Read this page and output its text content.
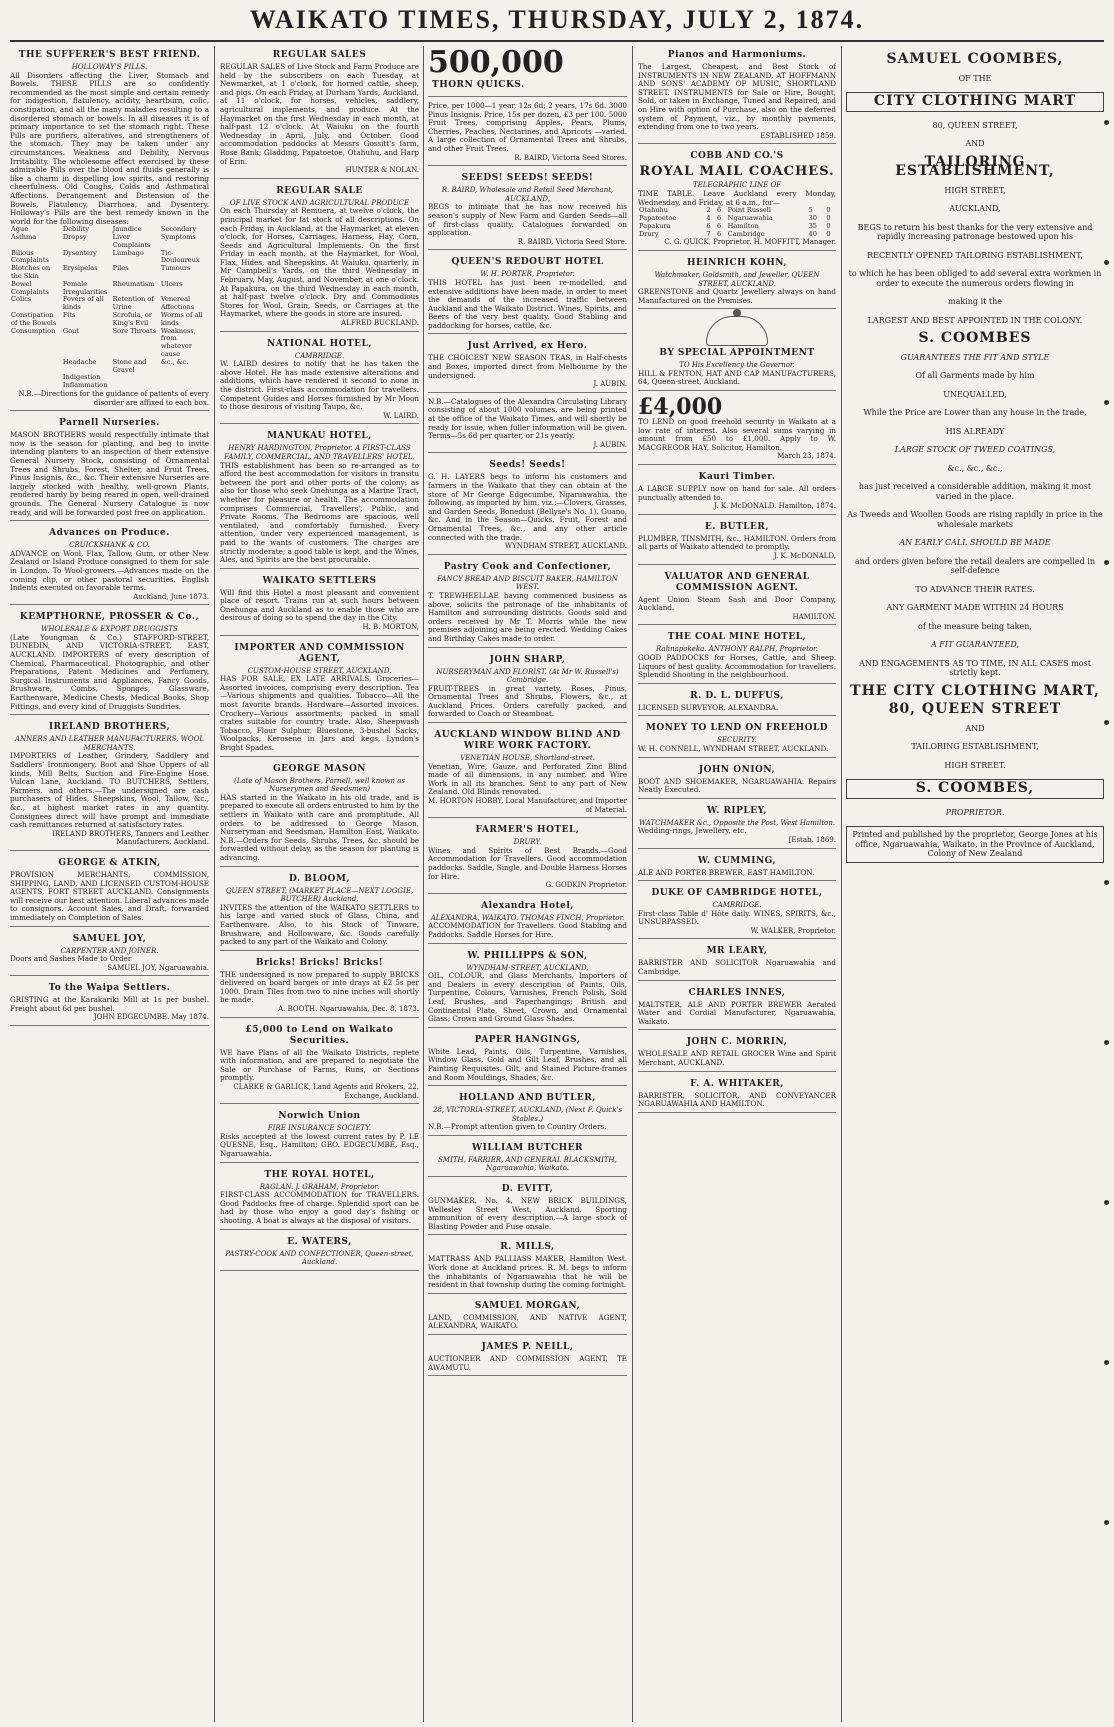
WAIKATO TIMES, THURSDAY, JULY 2, 1874.
THE SUFFERER'S BEST FRIEND.
HOLLOWAY'S PILLS.
All Disorders affecting the Liver, Stomach and Bowels. THESE PILLS are so confidently recommended as the most simple and certain remedy for indigestion, flatulency, acidity, heartburn, colic, constipation, and all the many maladies resulting to a disordered stomach or bowels. In all diseases it is of primary importance to set the stomach right. These Pills are purifiers, alteratives, and strengtheners of the stomach. They may be taken under any circumstances. Weakness and Debility, Nervous Irritability. The wholesome effect exercised by these admirable Pills over the blood and fluids generally is like a charm in dispelling low spirits, and restoring cheerfulness. Old Coughs, Colds and Asthmatical Affections. Derangement and Distension of the Bowels, Flatulency, Diarrhoea, and Dysentery. Holloway's Pills are the best remedy known in the world for the following diseases:
Ague	Debility	Jaundice	Secondary
Asthma	Dropsy	Liver Complaints	Symptoms
Bilious Complaints	Dysentery	Lumbago	Tic-Douloureux
Blotches on the Skin	Erysipelas	Piles	Tumours
Bowel Complaints	Female Irregularities	Rheumatism	Ulcers
Colics	Fevers of all kinds	Retention of Urine	Venereal Affections
Constipation of the Bowels	Fits	Scrofula, or King's Evil	Worms of all kinds
Consumption	Gout	Sore Throats	Weakness, from whatever cause
	Headache	Stone and Gravel	&c., &c.
	Indigestion		
	Inflammation		
N.B.—Directions for the guidance of patients of every disorder are affixed to each box.
Parnell Nurseries.
MASON BROTHERS would respectfully intimate that now is the season for planting, and beg to invite intending planters to an inspection of their extensive General Nursery Stock, consisting of Ornamental Trees and Shrubs, Forest, Shelter, and Fruit Trees, Pinus Insignis, &c., &c. Their extensive Nurseries are largely stocked with healthy, well-grown Plants, rendered hardy by being reared in open, well-drained grounds. The General Nursery Catalogue is now ready, and will be forwarded post free on application.
Advances on Produce.
CRUICKSHANK & CO.
ADVANCE on Wool, Flax, Tallow, Gum, or other New Zealand or Island Produce consigned to them for sale in London. To Wool-growers.—Advances made on the coming clip, or other pastoral securities. English Indents executed on favorable terms.
Auckland, June 1873.
KEMPTHORNE, PROSSER & Co.,
WHOLESALE & EXPORT DRUGGISTS
(Late Youngman & Co.) STAFFORD-STREET, DUNEDIN, AND VICTORIA-STREET, EAST, AUCKLAND. IMPORTERS of every description of Chemical, Pharmaceutical, Photographic, and other Preparations, Patent Medicines and Perfumery, Surgical Instruments and Appliances, Fancy Goods, Brushware, Combs, Sponges, Glassware, Earthenware, Medicine Chests, Medical Books, Shop Fittings, and every kind of Druggists Sundries.
IRELAND BROTHERS,
ANNERS AND LEATHER MANUFACTURERS, WOOL MERCHANTS.
IMPORTERS of Leather, Grindery, Saddlery and Saddlers' Ironmongery, Boot and Shoe Uppers of all kinds, Mill Belts, Suction and Fire-Engine Hose. Vulcan Lane, Auckland. TO BUTCHERS, Settlers, Farmers, and others.—The undersigned are cash purchasers of Hides, Sheepskins, Wool, Tallow, &c., &c., at highest market rates in any quantity. Consignees direct will have prompt and immediate cash remittances returned at satisfactory rates.
IRELAND BROTHERS, Tanners and Leather Manufacturers, Auckland.
GEORGE & ATKIN,
PROVISION MERCHANTS, COMMISSION, SHIPPING, LAND, AND LICENSED CUSTOM-HOUSE AGENTS, FORT STREET AUCKLAND. Consignments will receive our best attention. Liberal advances made to consignors. Account Sales, and Draft, forwarded immediately on Completion of Sales.
SAMUEL JOY,
CARPENTER AND JOINER.
Doors and Sashes Made to Order
SAMUEL JOY, Ngaruawahia.
To the Waipa Settlers.
GRISTING at the Karakariki Mill at 1s per bushel. Freight about 6d per bushel.
JOHN EDGECUMBE. May 1874.
REGULAR SALES
REGULAR SALES of Live Stock and Farm Produce are held by the subscribers on each Tuesday, at Newmarket, at 1 o'clock, for horned cattle, sheep, and pigs. On each Friday, at Durham Yards, Auckland, at 11 o'clock, for horses, vehicles, saddlery, agricultural implements, and produce. At the Haymarket on the first Wednesday in each month, at half-past 12 o'clock. At Waiuku on the fourth Wednesday in April, July, and October. Good accommodation paddocks at Messrs Gossitt's farm, Rose Bank; Gladding, Papatoetoe, Otahuhu, and Harp of Erin.
HUNTER & NOLAN.
REGULAR SALE
OF LIVE STOCK AND AGRICULTURAL PRODUCE
On each Thursday at Remuera, at twelve o'clock, the principal market for fat stock of all descriptions. On each Friday, in Auckland, at the Haymarket, at eleven o'clock, for Horses, Carriages, Harness, Hay, Corn, Seeds and Agricultural Implements. On the first Friday in each month, at the Haymarket, for Wool, Flax, Hides, and Sheepskins. At Waiuku, quarterly, in Mr Campbell's Yards, on the third Wednesday in February, May, August, and November, at one o'clock. At Papakura, on the third Wednesday in each month, at half-past twelve o'clock. Dry and Commodious Stores for Wool, Grain, Seeds, or Carriages at the Haymarket, where the goods in store are insured.
ALFRED BUCKLAND.
NATIONAL HOTEL,
CAMBRIDGE.
W. LAIRD desires to notify that he has taken the above Hotel. He has made extensive alterations and additions, which have rendered it second to none in the district. First-class accommodation for travellers. Competent Guides and Horses furnished by Mr Moon to those desirous of visiting Taupo, &c.
W. LAIRD.
MANUKAU HOTEL,
HENRY HARDINGTON, Proprietor. A FIRST-CLASS FAMILY, COMMERCIAL, AND TRAVELLERS' HOTEL.
THIS establishment has been so re-arranged as to afford the best accommodation for visitors in transitu between the port and other ports of the colony; as also for those who seek Onehunga as a Marine Tract, whether for pleasure or health. The accommodation comprises Commercial, Travellers', Public, and Private Rooms. The Bedrooms are spacious, well ventilated, and comfortably furnished. Every attention, under very experienced management, is paid to the wants of customers. The charges are strictly moderate; a good table is kept, and the Wines, Ales, and Spirits are the best procurable.
WAIKATO SETTLERS
Will find this Hotel a most pleasant and convenient place of resort. Trains run at such hours between Onehunga and Auckland as to enable those who are desirous of doing so to spend the day in the City.
H. B. MORTON,
IMPORTER AND COMMISSION AGENT,
CUSTOM-HOUSE STREET, AUCKLAND.
HAS FOR SALE, EX LATE ARRIVALS, Groceries—Assorted invoices, comprising every description. Tea—Various shipments and qualities. Tobacco—All the most favorite brands. Hardware—Assorted invoices. Crockery—Various assortments; packed in small crates suitable for country trade. Also, Sheepwash Tobacco, Flour Sulphur, Bluestone, 3-bushel Sacks, Woolpacks, Kerosene in Jars and kegs, Lyndon's Bright Spades.
GEORGE MASON
(Late of Mason Brothers, Parnell, well known as Nurserymen and Seedsmen)
HAS started in the Waikato in his old trade, and is prepared to execute all orders entrusted to him by the settlers in Waikato with care and promptitude. All orders to be addressed to George Mason, Nurseryman and Seedsman, Hamilton East, Waikato. N.B.—Orders for Seeds, Shrubs, Trees, &c. should be forwarded without delay, as the season for planting is advancing.
D. BLOOM,
QUEEN STREET, (MARKET PLACE—NEXT LOGGIE, BUTCHER) Auckland,
INVITES the attention of the WAIKATO SETTLERS to his large and varied stock of Glass, China, and Earthenware. Also, to his Stock of Tinware, Brushware, and Hollowware, &c. Goods carefully packed to any part of the Waikato and Colony.
Bricks! Bricks! Bricks!
THE undersigned is now prepared to supply BRICKS delivered on board barges or into drays at £2 5s per 1000. Drain Tiles from two to nine inches will shortly be made.
A. BOOTH. Ngaruawahia, Dec. 8, 1873.
£5,000 to Lend on Waikato Securities.
WE have Plans of all the Waikato Districts, replete with information, and are prepared to negotiate the Sale or Purchase of Farms, Runs, or Sections promptly.
CLARKE & GARLICK, Land Agents and Brokers, 22, Exchange, Auckland.
Norwich Union
FIRE INSURANCE SOCIETY.
Risks accepted at the lowest current rates by P. LE QUESNE, Esq., Hamilton; GEO. EDGECUMBE, Esq., Ngaruawahia.
THE ROYAL HOTEL,
RAGLAN. J. GRAHAM, Proprietor.
FIRST-CLASS ACCOMMODATION for TRAVELLERS. Good Paddocks free of charge. Splendid sport can be had by those who enjoy a good day's fishing or shooting. A boat is always at the disposal of visitors.
E. WATERS,
PASTRY-COOK AND CONFECTIONER, Queen-street, Auckland.
500,000 THORN QUICKS.
Price, per 1000—1 year, 12s 6d; 2 years, 17s 6d. 3000 Pinus Insignis. Price, 15s per dozen, £3 per 100. 5000 Fruit Trees, comprising Apples, Pears, Plums, Cherries, Peaches, Nectarines, and Apricots —varied. A large collection of Ornamental Trees and Shrubs, and other Fruit Trees.
R. BAIRD, Victoria Seed Stores.
SEEDS! SEEDS! SEEDS!
R. BAIRD, Wholesale and Retail Seed Merchant, AUCKLAND,
BEGS to intimate that he has now received his season's supply of New Farm and Garden Seeds—all of first-class quality. Catalogues forwarded on application.
R. BAIRD, Victoria Seed Store.
QUEEN'S REDOUBT HOTEL
W. H. PORTER, Proprietor.
THIS HOTEL has just been re-modelled, and extensive additions have been made, in order to meet the demands of the increased traffic between Auckland and the Waikato District. Wines, Spirits, and Beers of the very best quality. Good Stabling and paddocking for horses, cattle, &c.
Just Arrived, ex Hero.
THE CHOICEST NEW SEASON TEAS, in Half-chests and Boxes, imported direct from Melbourne by the undersigned.
J. AUBIN.
N.B.—Catalogues of the Alexandra Circulating Library consisting of about 1000 volumes, are being printed at the office of the Waikato Times, and will shortly be ready for issue, when fuller information will be given. Terms—5s 6d per quarter, or 21s yearly.
J. AUBIN.
Seeds! Seeds!
G. H. LAYERS begs to inform his customers and farmers in the Waikato that they can obtain at the store of Mr George Edgecumbe, Ngaruawahia, the following, as imported by him, viz.:—Clovers, Grasses, and Garden Seeds, Bonedust (Bellyse's No. 1), Guano, &c. And in the Season—Quicks, Fruit, Forest and Ornamental Trees, &c., and any other article connected with the trade.
WYNDHAM STREET, AUCKLAND.
Pastry Cook and Confectioner,
FANCY BREAD AND BISCUIT BAKER, HAMILTON WEST.
T. TREWHEELLAE having commenced business as above, solicits the patronage of the inhabitants of Hamilton and surrounding districts. Goods sold and orders received by Mr T. Morris while the new premises adjoining are being erected. Wedding Cakes and Birthday Cakes made to order.
JOHN SHARP,
NURSERYMAN AND FLORIST, (At Mr W. Russell's) Cambridge.
FRUIT-TREES in great variety, Roses, Pinus, Ornamental Trees and Shrubs, Flowers, &c., at Auckland Prices. Orders carefully packed, and forwarded to Coach or Steamboat.
AUCKLAND WINDOW BLIND AND WIRE WORK FACTORY.
VENETIAN HOUSE, Shortland-street.
Venetian, Wire, Gauze, and Perforated Zinc Blind made of all dimensions, in any number, and Wire Work in all its branches. Sent to any part of New Zealand. Old Blinds renovated.
M. HORTON HOBBY, Local Manufacturer, and Importer of Material.
FARMER'S HOTEL,
DRURY.
Wines and Spirits of Best Brands.—Good Accommodation for Travellers. Good accommodation paddocks. Saddle, Single, and Double Harness Horses for Hire.
G. GODKIN Proprietor.
Alexandra Hotel,
ALEXANDRA, WAIKATO. THOMAS FINCH, Proprietor.
ACCOMMODATION for Travellers. Good Stabling and Paddocks. Saddle Horses for Hire.
W. PHILLIPPS & SON,
WYNDHAM-STREET, AUCKLAND,
OIL, COLOUR, and Glass Merchants, Importers of and Dealers in every description of Paints, Oils, Turpentine, Colours, Varnishes, French Polish, Sold Leaf, Brushes, and Paperhangings; British and Continental Plate, Sheet, Crown, and Ornamental Glass; Crown and Ground Glass Shades.
PAPER HANGINGS,
White Lead, Paints, Oils, Turpentine, Varnishes, Window Glass, Gold and Gilt Leaf, Brushes, and all Painting Requisites. Gilt, and Stained Picture-frames and Room Mouldings, Shades, &c.
HOLLAND AND BUTLER,
28, VICTORIA-STREET, AUCKLAND, (Next F. Quick's Stables.)
N.B.—Prompt attention given to Country Orders.
WILLIAM BUTCHER
SMITH, FARRIER, AND GENERAL BLACKSMITH, Ngaruawahia, Waikato.
D. EVITT,
GUNMAKER, No. 4, NEW BRICK BUILDINGS, Wellesley Street West, Auckland. Sporting ammunition of every description.—A large stock of Blasting Powder and Fuse onsale.
R. MILLS,
MATTRASS AND PALLIASS MAKER, Hamilton West. Work done at Auckland prices. R. M. begs to inform the inhabitants of Ngaruawahia that he will be resident in that township during the coming fortnight.
SAMUEL MORGAN,
LAND, COMMISSION, AND NATIVE AGENT, ALEXANDRA, WAIKATO.
JAMES P. NEILL,
AUCTIONEER AND COMMISSION AGENT, TE AWAMUTU.
Pianos and Harmoniums.
The Largest, Cheapest, and Best Stock of INSTRUMENTS IN NEW ZEALAND, AT HOFFMANN AND SONS' ACADEMY OF MUSIC, SHORTLAND STREET. INSTRUMENTS for Sale or Hire, Bought, Sold, or taken in Exchange, Tuned and Repaired, and on Hire with option of Purchase, also on the deferred system of Payment, viz., by monthly payments, extending from one to two years.
ESTABLISHED 1859.
COBB AND CO.'S
ROYAL MAIL COACHES.
TELEGRAPHIC LINE OF
TIME TABLE. Leave Auckland every Monday, Wednesday, and Friday, at 6 a.m., for—
Otahuhu	2	6	Point Russell	5	0
Papatoetoe	4	6	Ngaruawahia	30	0
Papakura	6	6	Hamilton	35	0
Drury	7	6	Cambridge	40	0
C. G. QUICK, Proprietor. H. MOFFITT, Manager.
HEINRICH KOHN,
Watchmaker, Goldsmith, and Jeweller, QUEEN STREET, AUCKLAND.
GREENSTONE and Quartz Jewellery always on hand Manufactured on the Premises.
BY SPECIAL APPOINTMENT
TO His Excellency the Governor.
HILL & FENTON, HAT AND CAP MANUFACTURERS, 64, Queen-street, Auckland.
£4,000
TO LEND on good freehold security in Waikato at a low rate of interest. Also several sums varying in amount from £50 to £1,000. Apply to W. MACGREGOR HAY, Solicitor, Hamilton.
March 23, 1874.
Kauri Timber.
A LARGE SUPPLY now on hand for sale. All orders punctually attended to.
J. K. McDONALD. Hamilton, 1874.
E. BUTLER,
PLUMBER, TINSMITH, &c., HAMILTON. Orders from all parts of Waikato attended to promptly.
J. K. McDONALD,
VALUATOR AND GENERAL COMMISSION AGENT.
Agent Union Steam Sash and Door Company, Auckland.
HAMILTON.
THE COAL MINE HOTEL,
Rahnapokeka. ANTHONY RALPH, Proprietor.
GOOD PADDOCKS for Horses, Cattle, and Sheep. Liquors of best quality. Accommodation for travellers. Splendid Shooting in the neighbourhood.
R. D. L. DUFFUS,
LICENSED SURVEYOR, ALEXANDRA.
MONEY TO LEND ON FREEHOLD
SECURITY.
W. H. CONNELL, WYNDHAM STREET, AUCKLAND.
JOHN ONION,
BOOT AND SHOEMAKER, NGARUAWAHIA. Repairs Neatly Executed.
W. RIPLEY,
WATCHMAKER &c., Opposite the Post, West Hamilton.
Wedding-rings, Jewellery, etc.
[Estab. 1869.
W. CUMMING,
ALE AND PORTER BREWER, EAST HAMILTON.
DUKE OF CAMBRIDGE HOTEL,
CAMBRIDGE.
First-class Table d' Hôte daily. WINES, SPIRITS, &c., UNSURPASSED.
W. WALKER, Proprietor.
MR LEARY,
BARRISTER AND SOLICITOR Ngaruawahia and Cambridge.
CHARLES INNES,
MALTSTER, ALE AND PORTER BREWER Aerated Water and Cordial Manufacturer, Ngaruawahia, Waikato.
JOHN C. MORRIN,
WHOLESALE AND RETAIL GROCER Wine and Spirit Merchant, AUCKLAND.
F. A. WHITAKER,
BARRISTER, SOLICITOR, AND CONVEYANCER NGARUAWAHIA AND HAMILTON.
SAMUEL COOMBES,
OF THE
CITY CLOTHING MART
80, QUEEN STREET,
AND
TAILORING ESTABLISHMENT,
HIGH STREET,
AUCKLAND,
BEGS to return his best thanks for the very extensive and rapidly increasing patronage bestowed upon his
RECENTLY OPENED TAILORING ESTABLISHMENT,
to which he has been obliged to add several extra workmen in order to execute the numerous orders flowing in
making it the
LARGEST AND BEST APPOINTED IN THE COLONY.
S. COOMBES
GUARANTEES THE FIT AND STYLE
Of all Garments made by him
UNEQUALLED,
While the Price are Lower than any house in the trade,
HIS ALREADY
LARGE STOCK OF TWEED COATINGS,
&c., &c., &c.,
has just received a considerable addition, making it most varied in the place.
As Tweeds and Woollen Goods are rising rapidly in price in the wholesale markets
AN EARLY CALL SHOULD BE MADE
and orders given before the retail dealers are compelled in self-defence
TO ADVANCE THEIR RATES.
ANY GARMENT MADE WITHIN 24 HOURS
of the measure being taken,
A FIT GUARANTEED,
AND ENGAGEMENTS AS TO TIME, IN ALL CASES most strictly kept.
THE CITY CLOTHING MART,
80, QUEEN STREET
AND
TAILORING ESTABLISHMENT,
HIGH STREET.
S. COOMBES,
PROPRIETOR.
Printed and published by the proprietor, George Jones at his office, Ngaruawahia, Waikato, in the Province of Auckland, Colony of New Zealand
